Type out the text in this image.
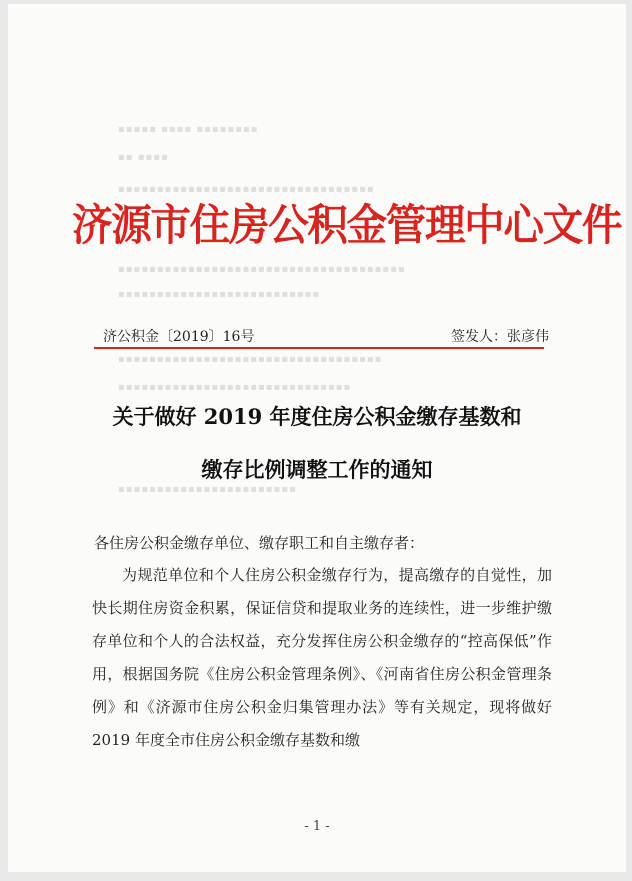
▪▪▪▪▪ ▪▪▪▪ ▪▪▪▪▪▪▪▪
▪▪ ▪▪▪▪
▪▪▪▪▪▪▪▪▪▪▪▪▪▪▪▪▪▪▪▪▪▪▪▪▪▪▪▪▪▪▪▪▪
▪▪▪▪▪▪▪▪▪▪▪▪▪▪▪▪▪▪▪▪▪▪▪▪▪▪▪▪▪▪▪▪▪▪▪▪▪
▪▪▪▪▪▪▪▪▪▪▪▪▪▪▪▪▪▪▪▪▪▪▪▪▪▪
▪▪▪▪▪▪▪▪▪▪▪▪▪▪▪▪▪▪▪▪▪▪▪▪▪▪▪▪▪▪▪▪▪▪
▪▪▪▪▪▪▪▪▪▪▪▪▪▪▪▪▪▪▪▪▪▪▪▪▪▪▪▪▪▪
▪▪▪▪▪▪▪▪▪▪▪▪▪▪▪▪▪▪▪▪▪▪▪
济源市住房公积金管理中心文件
济公积金〔2019〕16号	签发人：张彦伟
关于做好 2019 年度住房公积金缴存基数和
缴存比例调整工作的通知
各住房公积金缴存单位、缴存职工和自主缴存者：
为规范单位和个人住房公积金缴存行为，提高缴存的自觉性，加快长期住房资金积累，保证信贷和提取业务的连续性，进一步维护缴存单位和个人的合法权益，充分发挥住房公积金缴存的“控高保低”作用，根据国务院《住房公积金管理条例》、《河南省住房公积金管理条例》和《济源市住房公积金归集管理办法》等有关规定，现将做好 2019 年度全市住房公积金缴存基数和缴
- 1 -
